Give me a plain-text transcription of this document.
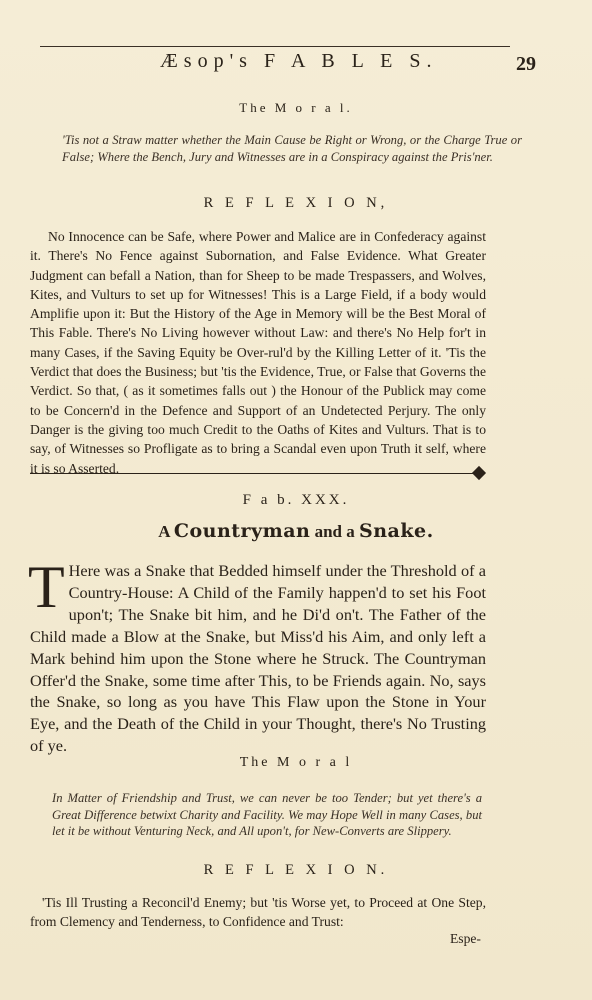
Æsop's F A B L E S.	29
The M o r a l.
'Tis not a Straw matter whether the Main Cause be Right or Wrong, or the Charge True or False; Where the Bench, Jury and Witnesses are in a Conspiracy against the Pris'ner.
R E F L E X I O N,
No Innocence can be Safe, where Power and Malice are in Confederacy against it. There's No Fence against Subornation, and False Evidence. What Greater Judgment can befall a Nation, than for Sheep to be made Trespassers, and Wolves, Kites, and Vulturs to set up for Witnesses! This is a Large Field, if a body would Amplifie upon it: But the History of the Age in Memory will be the Best Moral of This Fable. There's No Living however without Law: and there's No Help for't in many Cases, if the Saving Equity be Over-rul'd by the Killing Letter of it. 'Tis the Verdict that does the Business; but 'tis the Evidence, True, or False that Governs the Verdict. So that, ( as it sometimes falls out ) the Honour of the Publick may come to be Concern'd in the Defence and Support of an Undetected Perjury. The only Danger is the giving too much Credit to the Oaths of Kites and Vulturs. That is to say, of Witnesses so Profligate as to bring a Scandal even upon Truth it self, where it is so Asserted.
F a b. XXX.
A Countryman and a Snake.
T Here was a Snake that Bedded himself under the Threshold of a Country-House: A Child of the Family happen'd to set his Foot upon't; The Snake bit him, and he Di'd on't. The Father of the Child made a Blow at the Snake, but Miss'd his Aim, and only left a Mark behind him upon the Stone where he Struck. The Countryman Offer'd the Snake, some time after This, to be Friends again. No, says the Snake, so long as you have This Flaw upon the Stone in Your Eye, and the Death of the Child in your Thought, there's No Trusting of ye.
The M o r a l
In Matter of Friendship and Trust, we can never be too Tender; but yet there's a Great Difference betwixt Charity and Facility. We may Hope Well in many Cases, but let it be without Venturing Neck, and All upon't, for New-Converts are Slippery.
R E F L E X I O N.
'Tis Ill Trusting a Reconcil'd Enemy; but 'tis Worse yet, to Proceed at One Step, from Clemency and Tenderness, to Confidence and Trust:
Espe-
